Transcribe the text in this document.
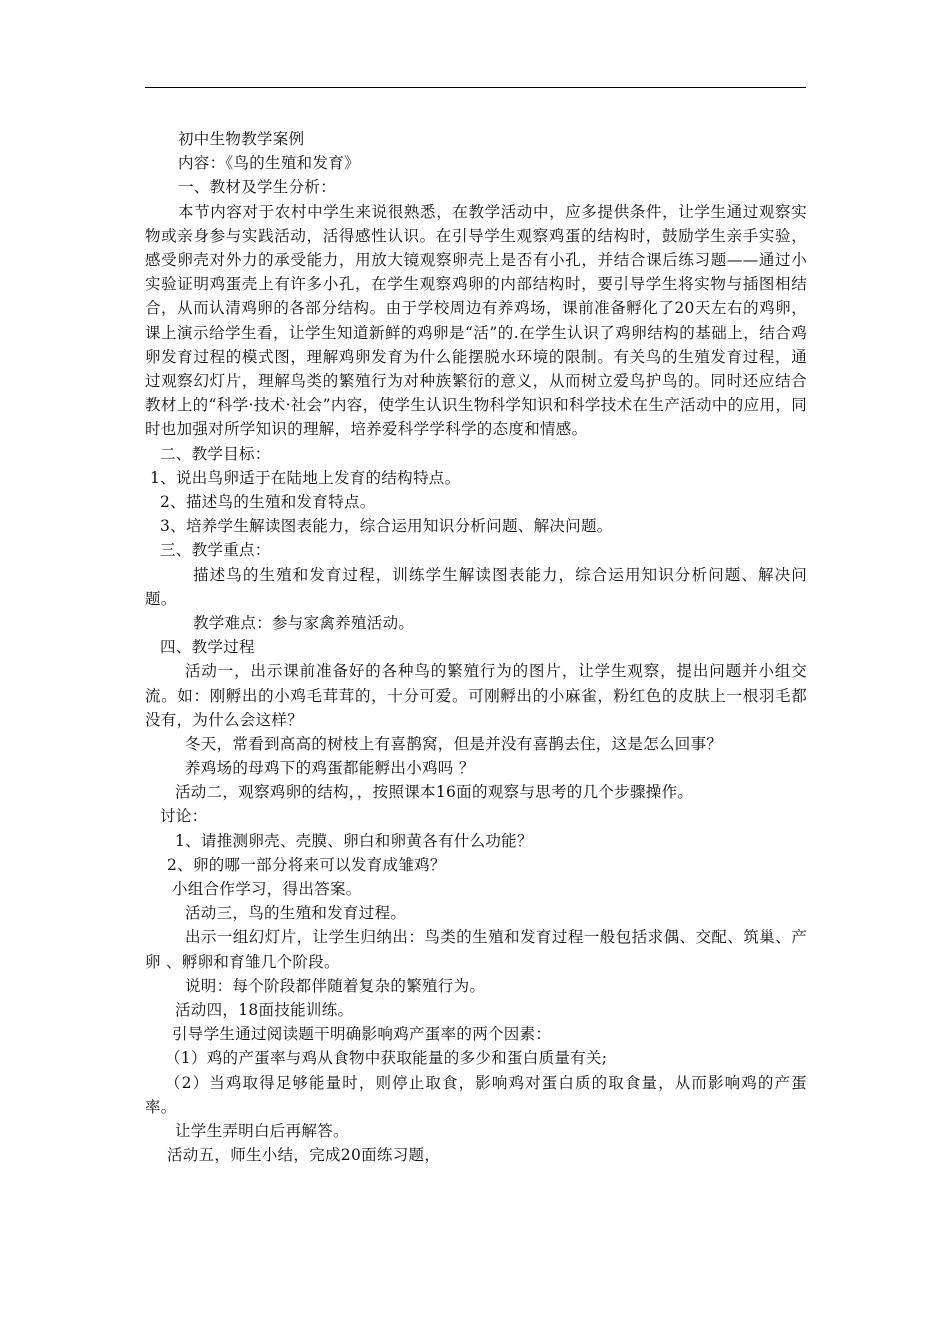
初中生物教学案例
内容：《鸟的生殖和发育》
一、教材及学生分析：
本节内容对于农村中学生来说很熟悉，在教学活动中，应多提供条件，让学生通过观察实物或亲身参与实践活动，活得感性认识。在引导学生观察鸡蛋的结构时，鼓励学生亲手实验，感受卵壳对外力的承受能力，用放大镜观察卵壳上是否有小孔，并结合课后练习题——通过小实验证明鸡蛋壳上有许多小孔，在学生观察鸡卵的内部结构时，要引导学生将实物与插图相结合，从而认清鸡卵的各部分结构。由于学校周边有养鸡场，课前准备孵化了20天左右的鸡卵，课上演示给学生看，让学生知道新鲜的鸡卵是“活”的.在学生认识了鸡卵结构的基础上，结合鸡卵发育过程的模式图，理解鸡卵发育为什么能摆脱水环境的限制。有关鸟的生殖发育过程，通过观察幻灯片，理解鸟类的繁殖行为对种族繁衍的意义，从而树立爱鸟护鸟的。同时还应结合教材上的“科学·技术·社会”内容，使学生认识生物科学知识和科学技术在生产活动中的应用，同时也加强对所学知识的理解，培养爱科学学科学的态度和情感。
二、教学目标：
1、说出鸟卵适于在陆地上发育的结构特点。
2、描述鸟的生殖和发育特点。
3、培养学生解读图表能力，综合运用知识分析问题、解决问题。
三、教学重点：
描述鸟的生殖和发育过程，训练学生解读图表能力，综合运用知识分析问题、解决问题。
教学难点：参与家禽养殖活动。
四、教学过程
活动一，出示课前准备好的各种鸟的繁殖行为的图片，让学生观察，提出问题并小组交流。如：刚孵出的小鸡毛茸茸的，十分可爱。可刚孵出的小麻雀，粉红色的皮肤上一根羽毛都没有，为什么会这样？
冬天，常看到高高的树枝上有喜鹊窝，但是并没有喜鹊去住，这是怎么回事？
养鸡场的母鸡下的鸡蛋都能孵出小鸡吗 ？
活动二，观察鸡卵的结构，，按照课本16面的观察与思考的几个步骤操作。
讨论：
1、请推测卵壳、壳膜、卵白和卵黄各有什么功能？
2、卵的哪一部分将来可以发育成雏鸡？
小组合作学习，得出答案。
活动三，鸟的生殖和发育过程。
出示一组幻灯片，让学生归纳出：鸟类的生殖和发育过程一般包括求偶、交配、筑巢、产卵 、孵卵和育雏几个阶段。
说明：每个阶段都伴随着复杂的繁殖行为。
活动四，18面技能训练。
引导学生通过阅读题干明确影响鸡产蛋率的两个因素：
（1）鸡的产蛋率与鸡从食物中获取能量的多少和蛋白质量有关;
（2）当鸡取得足够能量时，则停止取食，影响鸡对蛋白质的取食量，从而影响鸡的产蛋率。
让学生弄明白后再解答。
活动五，师生小结，完成20面练习题，
